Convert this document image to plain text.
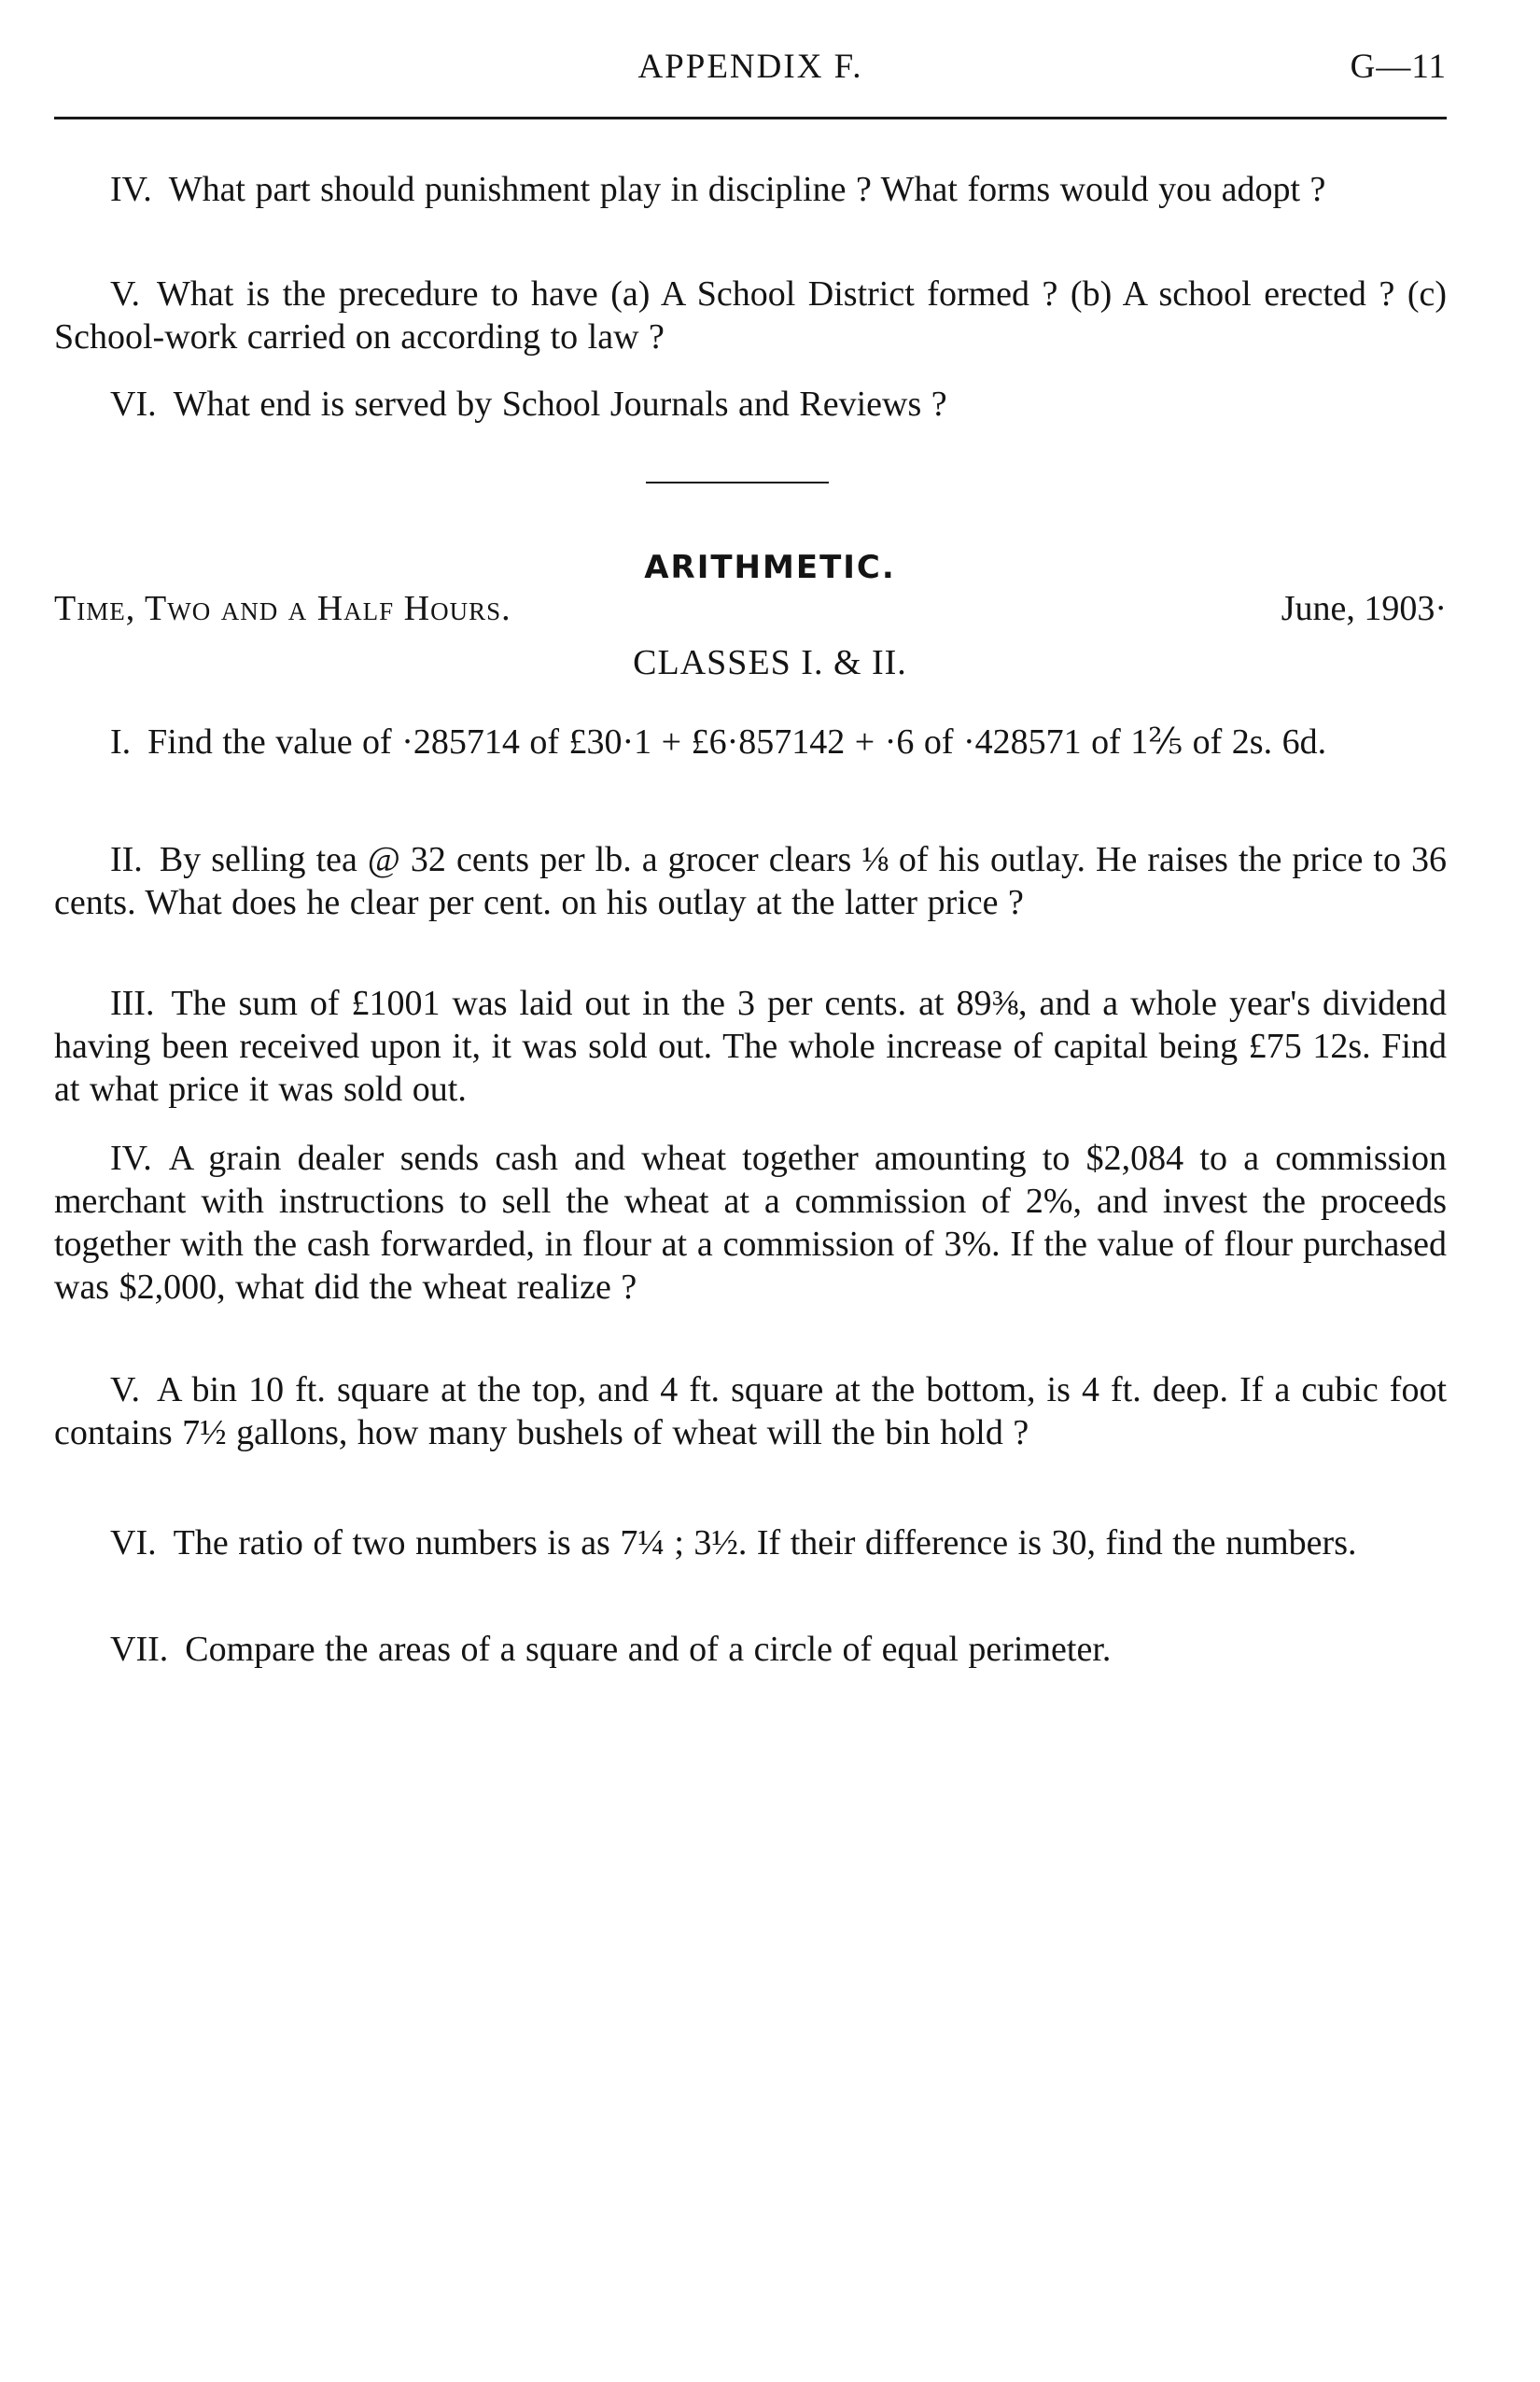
APPENDIX F.	G—11

IV. What part should punishment play in discipline ? What forms would you adopt ?

V. What is the precedure to have (a) A School District formed ? (b) A school erected ? (c) School-work carried on according to law ?

VI. What end is served by School Journals and Reviews ?

ARITHMETIC.
Time, Two and a Half Hours.	June, 1903·
CLASSES I. & II.

I. Find the value of ·285714 of £30·1 + £6·857142 + ·6 of ·428571 of 1⅖ of 2s. 6d.

II. By selling tea @ 32 cents per lb. a grocer clears ⅛ of his outlay. He raises the price to 36 cents. What does he clear per cent. on his outlay at the latter price ?

III. The sum of £1001 was laid out in the 3 per cents. at 89⅜, and a whole year's dividend having been received upon it, it was sold out. The whole increase of capital being £75 12s. Find at what price it was sold out.

IV. A grain dealer sends cash and wheat together amounting to $2,084 to a commission merchant with instructions to sell the wheat at a commission of 2%, and invest the proceeds together with the cash forwarded, in flour at a commission of 3%. If the value of flour purchased was $2,000, what did the wheat realize ?

V. A bin 10 ft. square at the top, and 4 ft. square at the bottom, is 4 ft. deep. If a cubic foot contains 7½ gallons, how many bushels of wheat will the bin hold ?

VI. The ratio of two numbers is as 7¼ ; 3½. If their difference is 30, find the numbers.

VII. Compare the areas of a square and of a circle of equal perimeter.
